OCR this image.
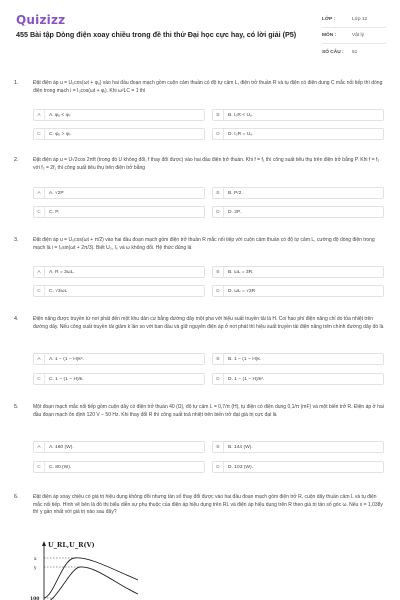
Quizizz
455 Bài tập Dòng điện xoay chiều trong đề thi thử Đại học cực hay, có lời giải (P5)
LỚP :	Lớp 12
MÔN :	Vật lý
SỐ CÂU :	51
1.	Đặt điện áp u = U₀cos(ωt + φᵤ) vào hai đầu đoạn mạch gồm cuộn cảm thuần có độ tự cảm L, điện trở thuần R và tụ điện có điện dung C mắc nối tiếp thì dòng điện trong mạch i = I₀cos(ωt + φᵢ). Khi ω²LC = 1 thì
A	A. φᵤ < φᵢ.	B	B. I₀R < U₀.
C	C. φᵤ > φᵢ.	D	D. I₀R = U₀.
2.	Đặt điện áp u = U√2cos 2πft (trong đó U không đổi, f thay đổi được) vào hai đầu điện trở thuần. Khi f = f₁ thì công suất tiêu thụ trên điện trở bằng P. Khi f = f₂ với f₂ = 2f₁ thì công suất tiêu thụ trên điện trở bằng
A	A. √2P	B	B. P/2.
C	C. P.	D	D. 2P.
3.	Đặt điện áp u = U₀cos(ωt + π/2) vào hai đầu đoạn mạch gồm điện trở thuần R mắc nối tiếp với cuộn cảm thuần có độ tự cảm L, cường độ dòng điện trong mạch là i = I₀sin(ωt + 2π/3). Biết U₀, I₀ và ω không đổi. Hệ thức đúng là
A	A. R = 3ωL.	B	B. ωL = 3R.
C	C. √3ωL	D	D. ωL = √3R
4.	Điện năng được truyền từ nơi phát đến một khu dân cư bằng đường dây một pha với hiệu suất truyền tải là H. Coi hao phí điện năng chỉ do tỏa nhiệt trên đường dây. Nếu công suất truyền tải giảm k lần so với ban đầu và giữ nguyên điện áp ở nơi phát thì hiệu suất truyền tải điện năng trên chính đường dây đó là
A	A. 1 − (1 − H)k².	B	B. 1 − (1 − H)k.
C	C. 1 − (1 − H)/k.	D	D. 1 − (1 − H)/k².
5.	Một đoạn mạch mắc nối tiếp gồm cuộn dây có điện trở thuần 40 (Ω), độ tự cảm L = 0,7/π (H), tụ điện có điện dung 0,1/π (mF) và một biến trở R. Điện áp ở hai đầu đoạn mạch ổn định 120 V − 50 Hz. Khi thay đổi R thì công suất toả nhiệt trên biến trở đạt giá trị cực đại là
A	A. 160 (W).	B	B. 144 (W).
C	C. 80 (W).	D	D. 103 (W).
6.	Đặt điện áp xoay chiều có giá trị hiệu dụng không đổi nhưng tần số thay đổi được vào hai đầu đoạn mạch gồm điện trở R, cuộn dây thuần cảm L và tụ điện mắc nối tiếp. Hình vẽ bên là đồ thị biểu diễn sự phụ thuộc của điện áp hiệu dụng trên RL và điện áp hiệu dụng trên R theo giá trị tần số góc ω. Nếu x = 1,038y thì y gần nhất với giá trị nào sau đây?
U_RL,U_R(V)
x
y
100
